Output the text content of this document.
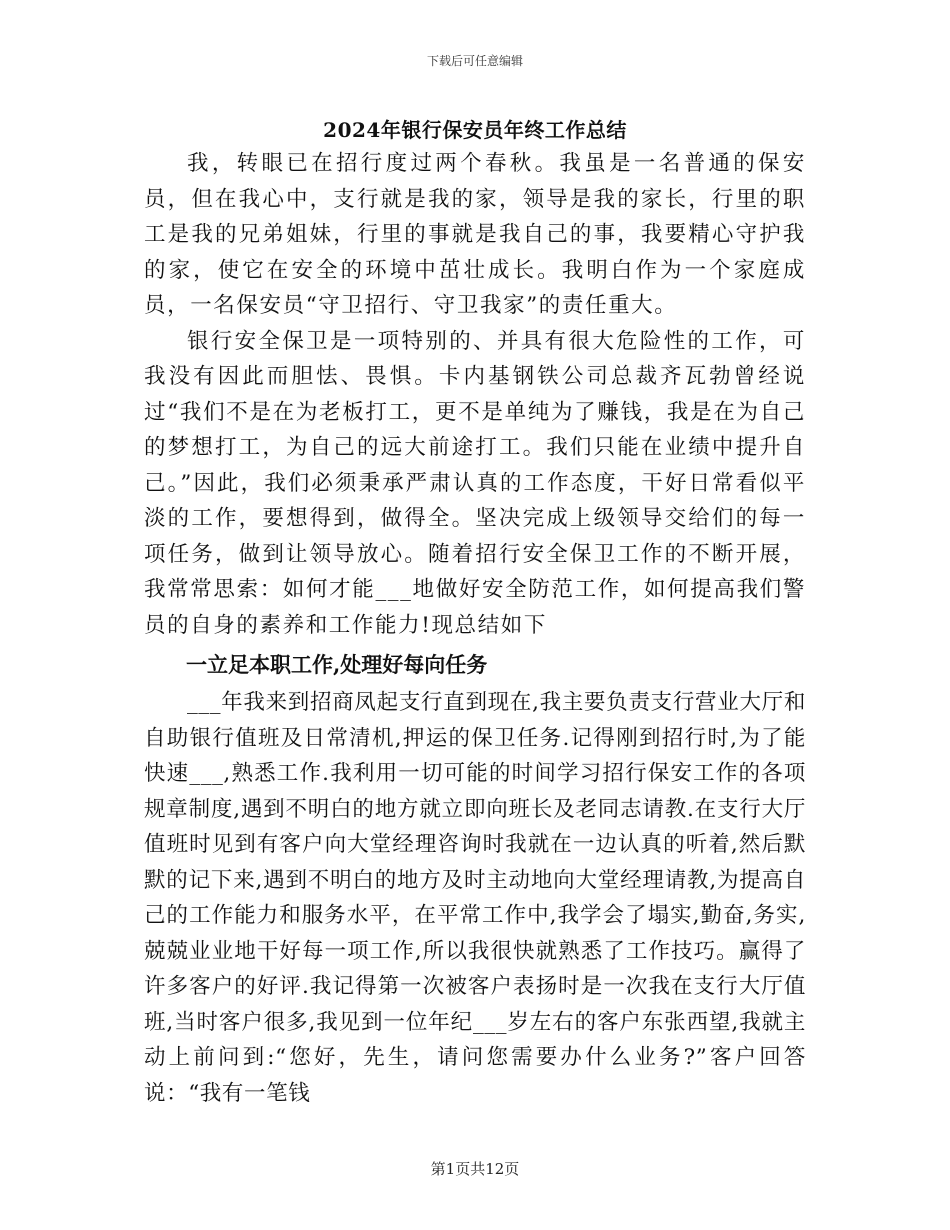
下载后可任意编辑
2024年银行保安员年终工作总结

我，转眼已在招行度过两个春秋。我虽是一名普通的保安员，但在我心中，支行就是我的家，领导是我的家长，行里的职工是我的兄弟姐妹，行里的事就是我自己的事，我要精心守护我的家，使它在安全的环境中茁壮成长。我明白作为一个家庭成员，一名保安员“守卫招行、守卫我家”的责任重大。

银行安全保卫是一项特别的、并具有很大危险性的工作，可我没有因此而胆怯、畏惧。卡内基钢铁公司总裁齐瓦勃曾经说过“我们不是在为老板打工，更不是单纯为了赚钱，我是在为自己的梦想打工，为自己的远大前途打工。我们只能在业绩中提升自己。”因此，我们必须秉承严肃认真的工作态度，干好日常看似平淡的工作，要想得到，做得全。坚决完成上级领导交给们的每一项任务，做到让领导放心。随着招行安全保卫工作的不断开展，我常常思索：如何才能___地做好安全防范工作，如何提高我们警员的自身的素养和工作能力!现总结如下

一立足本职工作,处理好每向任务

___年我来到招商凤起支行直到现在,我主要负责支行营业大厅和自助银行值班及日常清机,押运的保卫任务.记得刚到招行时,为了能快速___,熟悉工作.我利用一切可能的时间学习招行保安工作的各项规章制度,遇到不明白的地方就立即向班长及老同志请教.在支行大厅值班时见到有客户向大堂经理咨询时我就在一边认真的听着,然后默默的记下来,遇到不明白的地方及时主动地向大堂经理请教,为提高自己的工作能力和服务水平，在平常工作中,我学会了塌实,勤奋,务实,兢兢业业地干好每一项工作,所以我很快就熟悉了工作技巧。赢得了许多客户的好评.我记得第一次被客户表扬时是一次我在支行大厅值班,当时客户很多,我见到一位年纪___岁左右的客户东张西望,我就主动上前问到:“您好，先生，请问您需要办什么业务?”客户回答说：“我有一笔钱

第1页共12页
